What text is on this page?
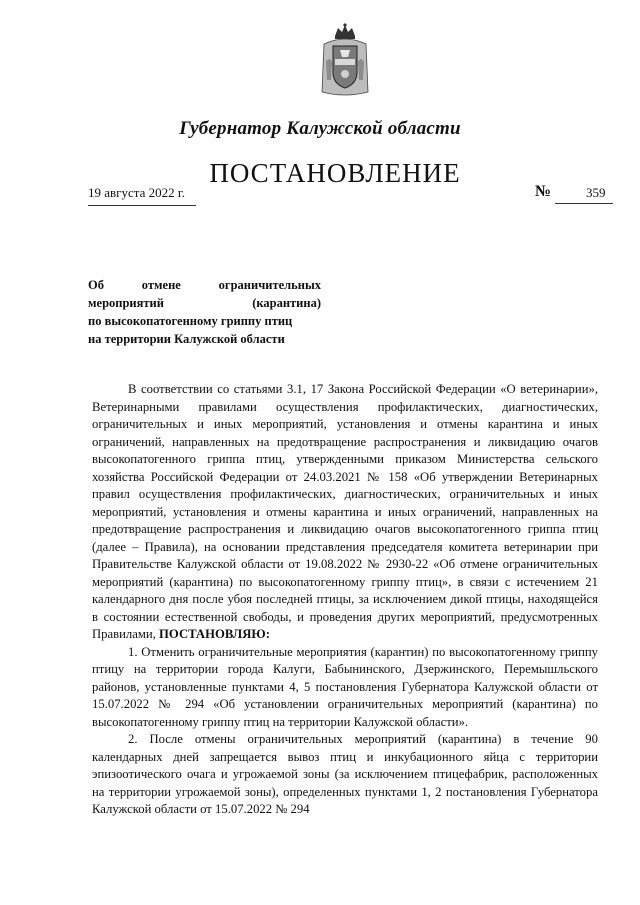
Губернатор Калужской области
ПОСТАНОВЛЕНИЕ
19 августа 2022 г.	№	359
Об отмене ограничительных
мероприятий (карантина)
по высокопатогенному гриппу птиц
на территории Калужской области

В соответствии со статьями 3.1, 17 Закона Российской Федерации «О ветеринарии», Ветеринарными правилами осуществления профилактических, диагностических, ограничительных и иных мероприятий, установления и отмены карантина и иных ограничений, направленных на предотвращение распространения и ликвидацию очагов высокопатогенного гриппа птиц, утвержденными приказом Министерства сельского хозяйства Российской Федерации от 24.03.2021 № 158 «Об утверждении Ветеринарных правил осуществления профилактических, диагностических, ограничительных и иных мероприятий, установления и отмены карантина и иных ограничений, направленных на предотвращение распространения и ликвидацию очагов высокопатогенного гриппа птиц (далее – Правила), на основании представления председателя комитета ветеринарии при Правительстве Калужской области от 19.08.2022 № 2930-22 «Об отмене ограничительных мероприятий (карантина) по высокопатогенному гриппу птиц», в связи с истечением 21 календарного дня после убоя последней птицы, за исключением дикой птицы, находящейся в состоянии естественной свободы, и проведения других мероприятий, предусмотренных Правилами, ПОСТАНОВЛЯЮ:

1. Отменить ограничительные мероприятия (карантин) по высокопатогенному гриппу птицу на территории города Калуги, Бабынинского, Дзержинского, Перемышльского районов, установленные пунктами 4, 5 постановления Губернатора Калужской области от 15.07.2022 № 294 «Об установлении ограничительных мероприятий (карантина) по высокопатогенному гриппу птиц на территории Калужской области».

2. После отмены ограничительных мероприятий (карантина) в течение 90 календарных дней запрещается вывоз птиц и инкубационного яйца с территории эпизоотического очага и угрожаемой зоны (за исключением птицефабрик, расположенных на территории угрожаемой зоны), определенных пунктами 1, 2 постановления Губернатора Калужской области от 15.07.2022 № 294
